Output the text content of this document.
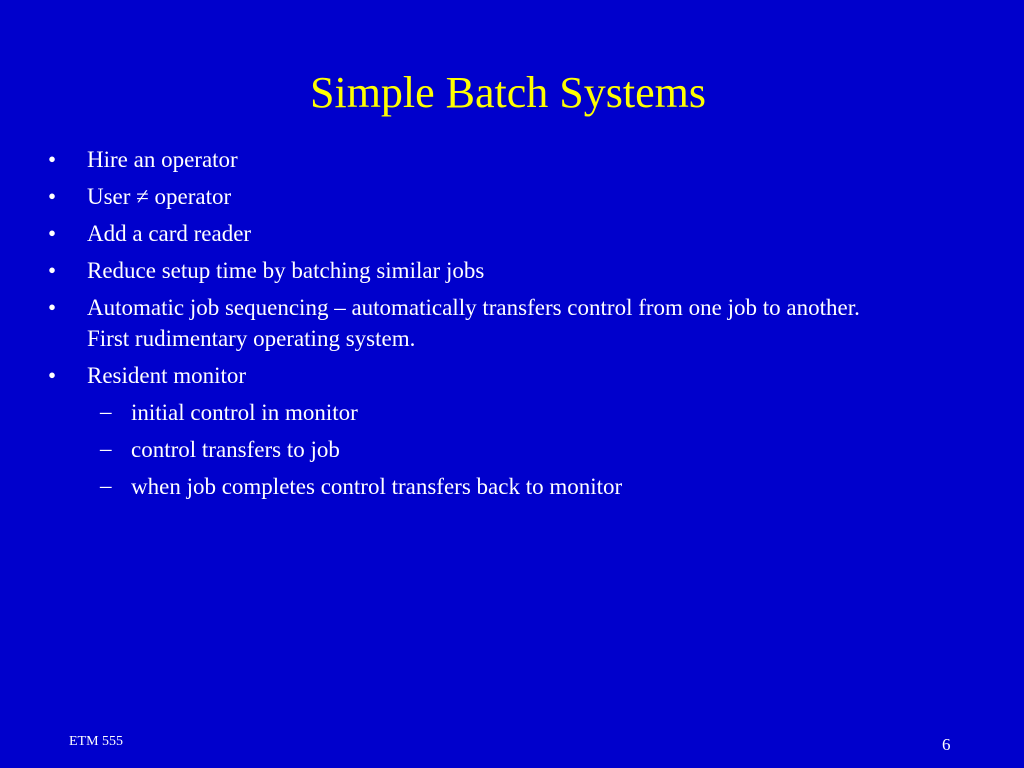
Simple Batch Systems
• Hire an operator
• User ≠ operator
• Add a card reader
• Reduce setup time by batching similar jobs
• Automatic job sequencing – automatically transfers control from one job to another. First rudimentary operating system.
• Resident monitor
– initial control in monitor
– control transfers to job
– when job completes control transfers back to monitor
ETM 555	6
